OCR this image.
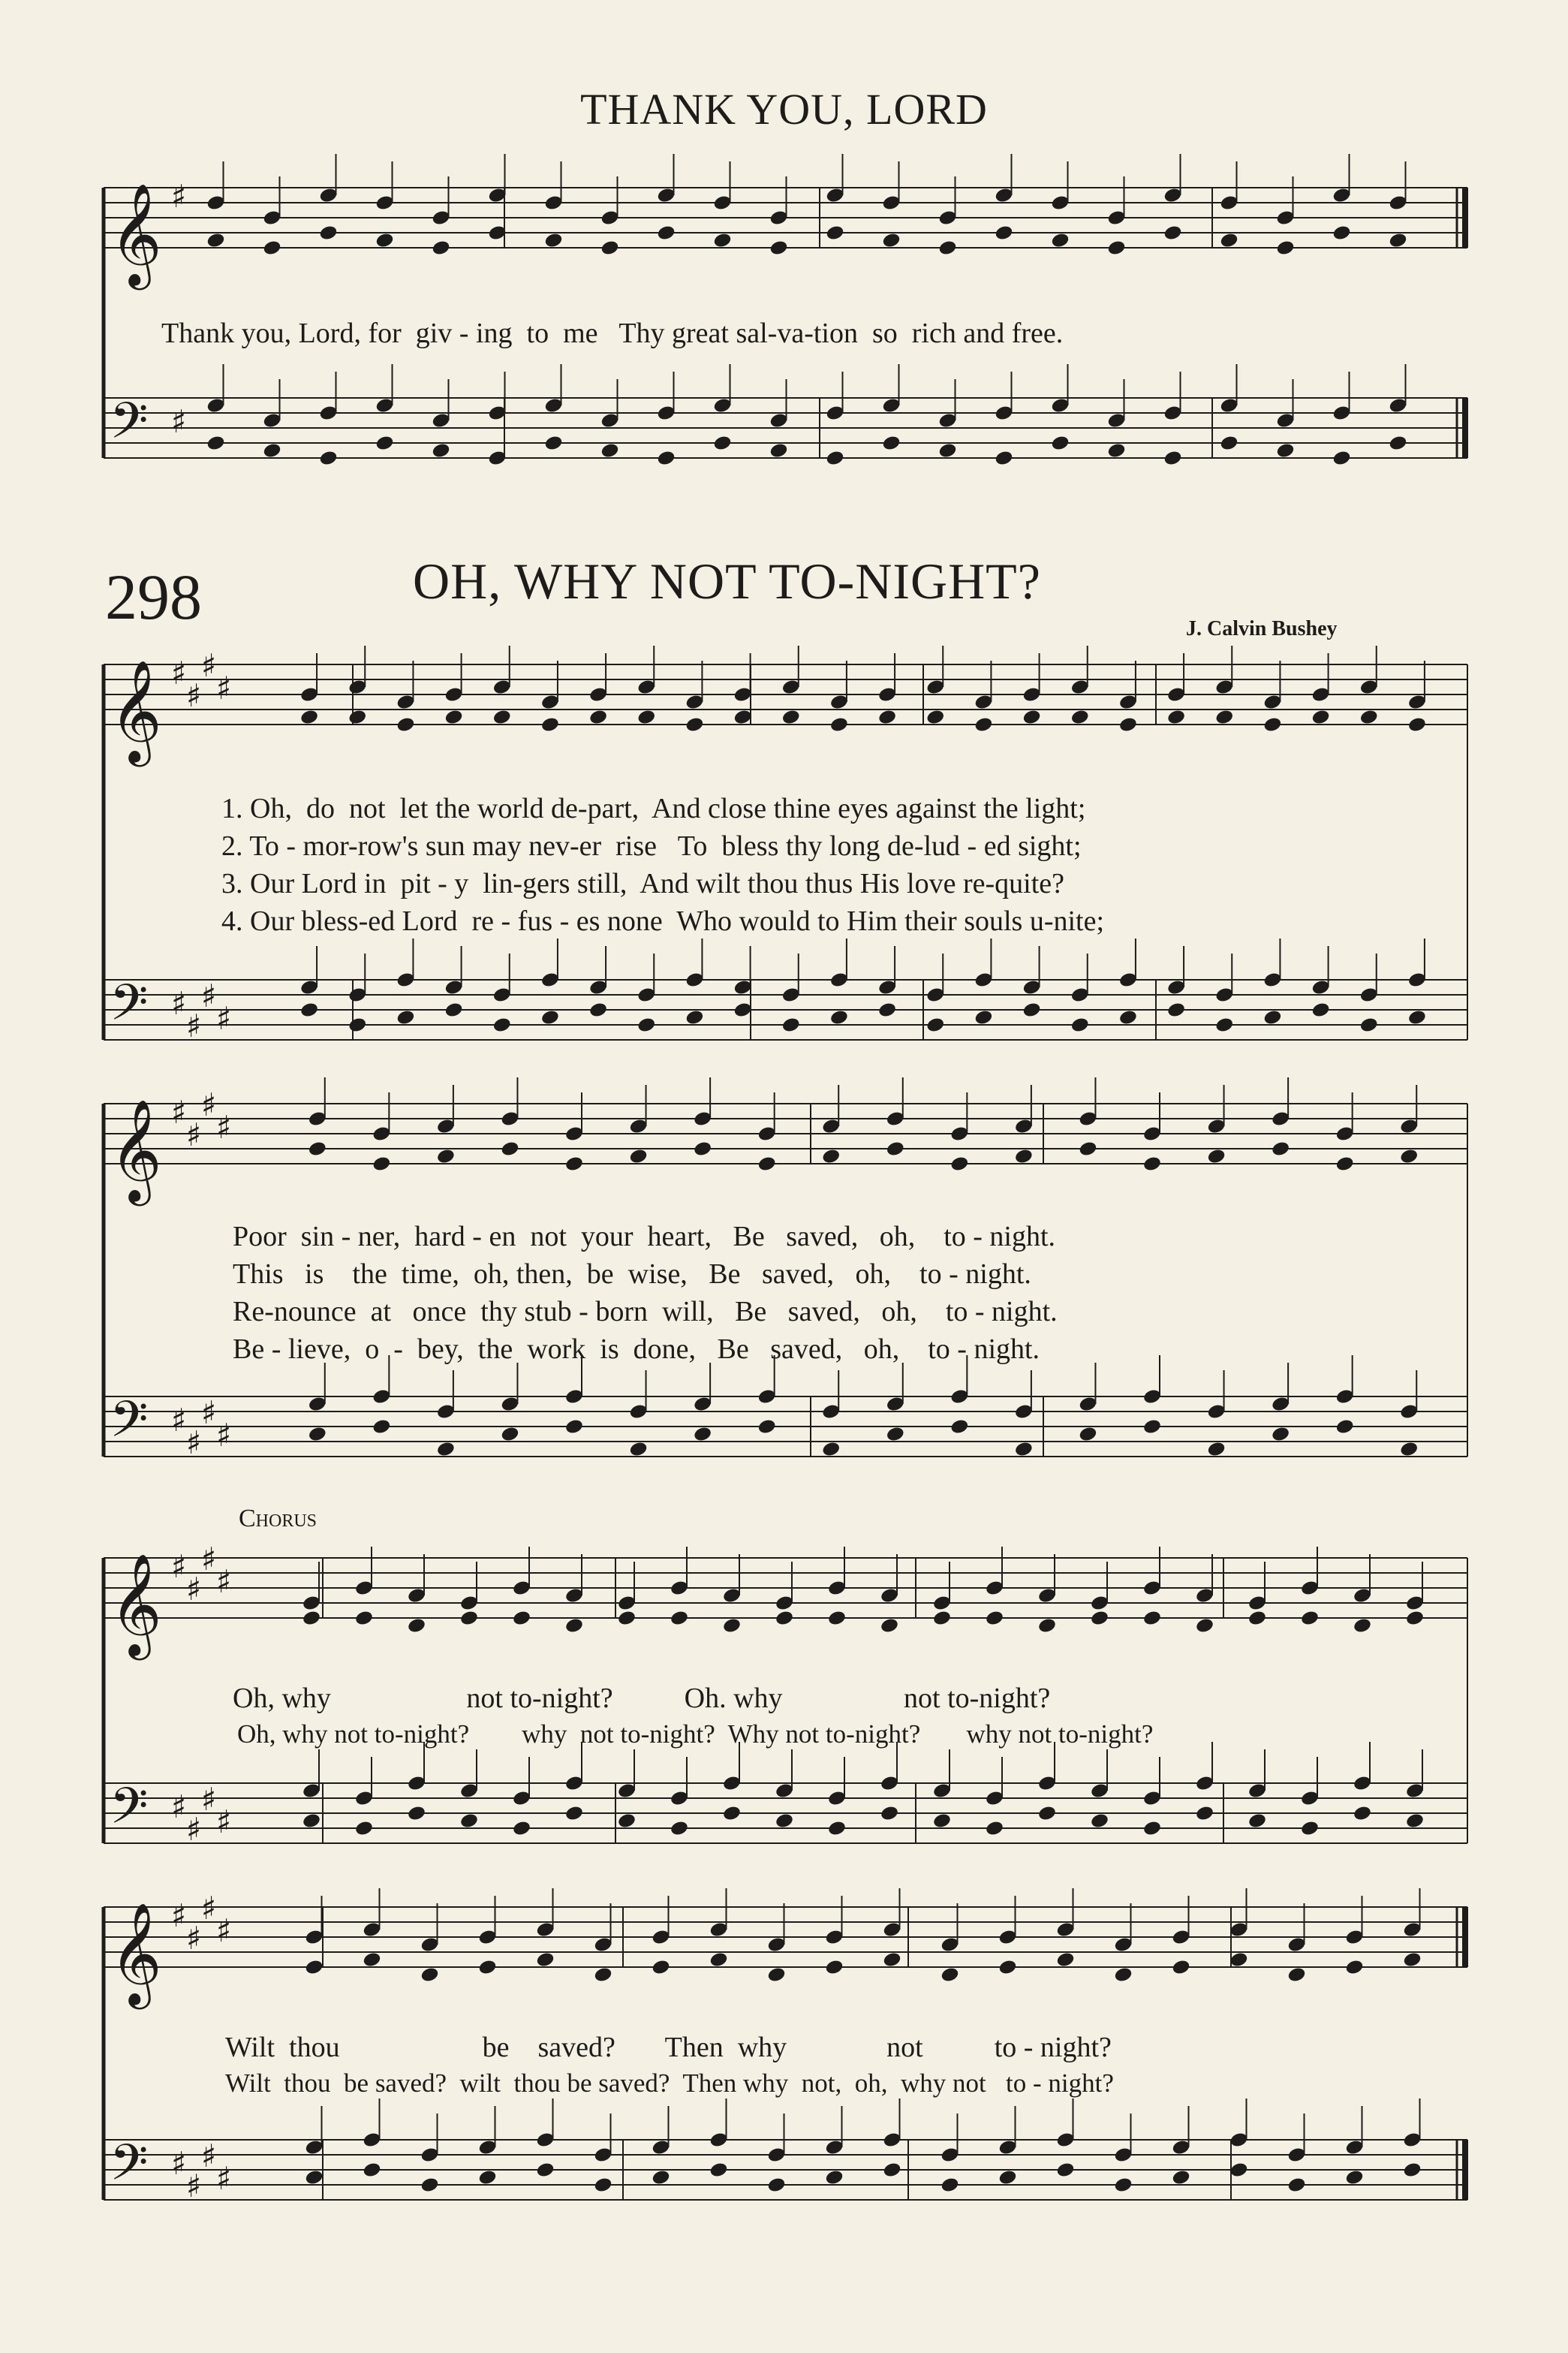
THANK YOU, LORD
298	OH, WHY NOT TO-NIGHT?
J. Calvin Bushey
𝄞 ♯
𝄢 ♯
𝄞 ♯
♯
♯
♯
𝄢 ♯
♯
♯
♯
𝄞 ♯
♯
♯
♯
𝄢 ♯
♯
♯
♯
𝄞 ♯
♯
♯
♯
𝄢 ♯
♯
♯
♯
𝄞 ♯
♯
♯
♯
𝄢 ♯
♯
♯
♯
Thank you, Lord, for  giv - ing  to  me   Thy great sal-va-tion  so  rich and free.
1. Oh,  do  not  let the world de-part,  And close thine eyes against the light;
2. To - mor-row's sun may nev-er  rise   To  bless thy long de-lud - ed sight;
3. Our Lord in  pit - y  lin-gers still,  And wilt thou thus His love re-quite?
4. Our bless-ed Lord  re - fus - es none  Who would to Him their souls u-nite;
Poor  sin - ner,  hard - en  not  your  heart,   Be   saved,   oh,    to - night.
This   is    the  time,  oh, then,  be  wise,   Be   saved,   oh,    to - night.
Re-nounce  at   once  thy stub - born  will,   Be   saved,   oh,    to - night.
Be - lieve,  o  -  bey,  the  work  is  done,   Be   saved,   oh,    to - night.
Chorus
Oh, why                   not to-night?          Oh. why                 not to-night?
Oh, why not to-night?        why  not to-night?  Why not to-night?       why not to-night?
Wilt  thou                    be    saved?       Then  why              not          to - night?
Wilt  thou  be saved?  wilt  thou be saved?  Then why  not,  oh,  why not   to - night?
